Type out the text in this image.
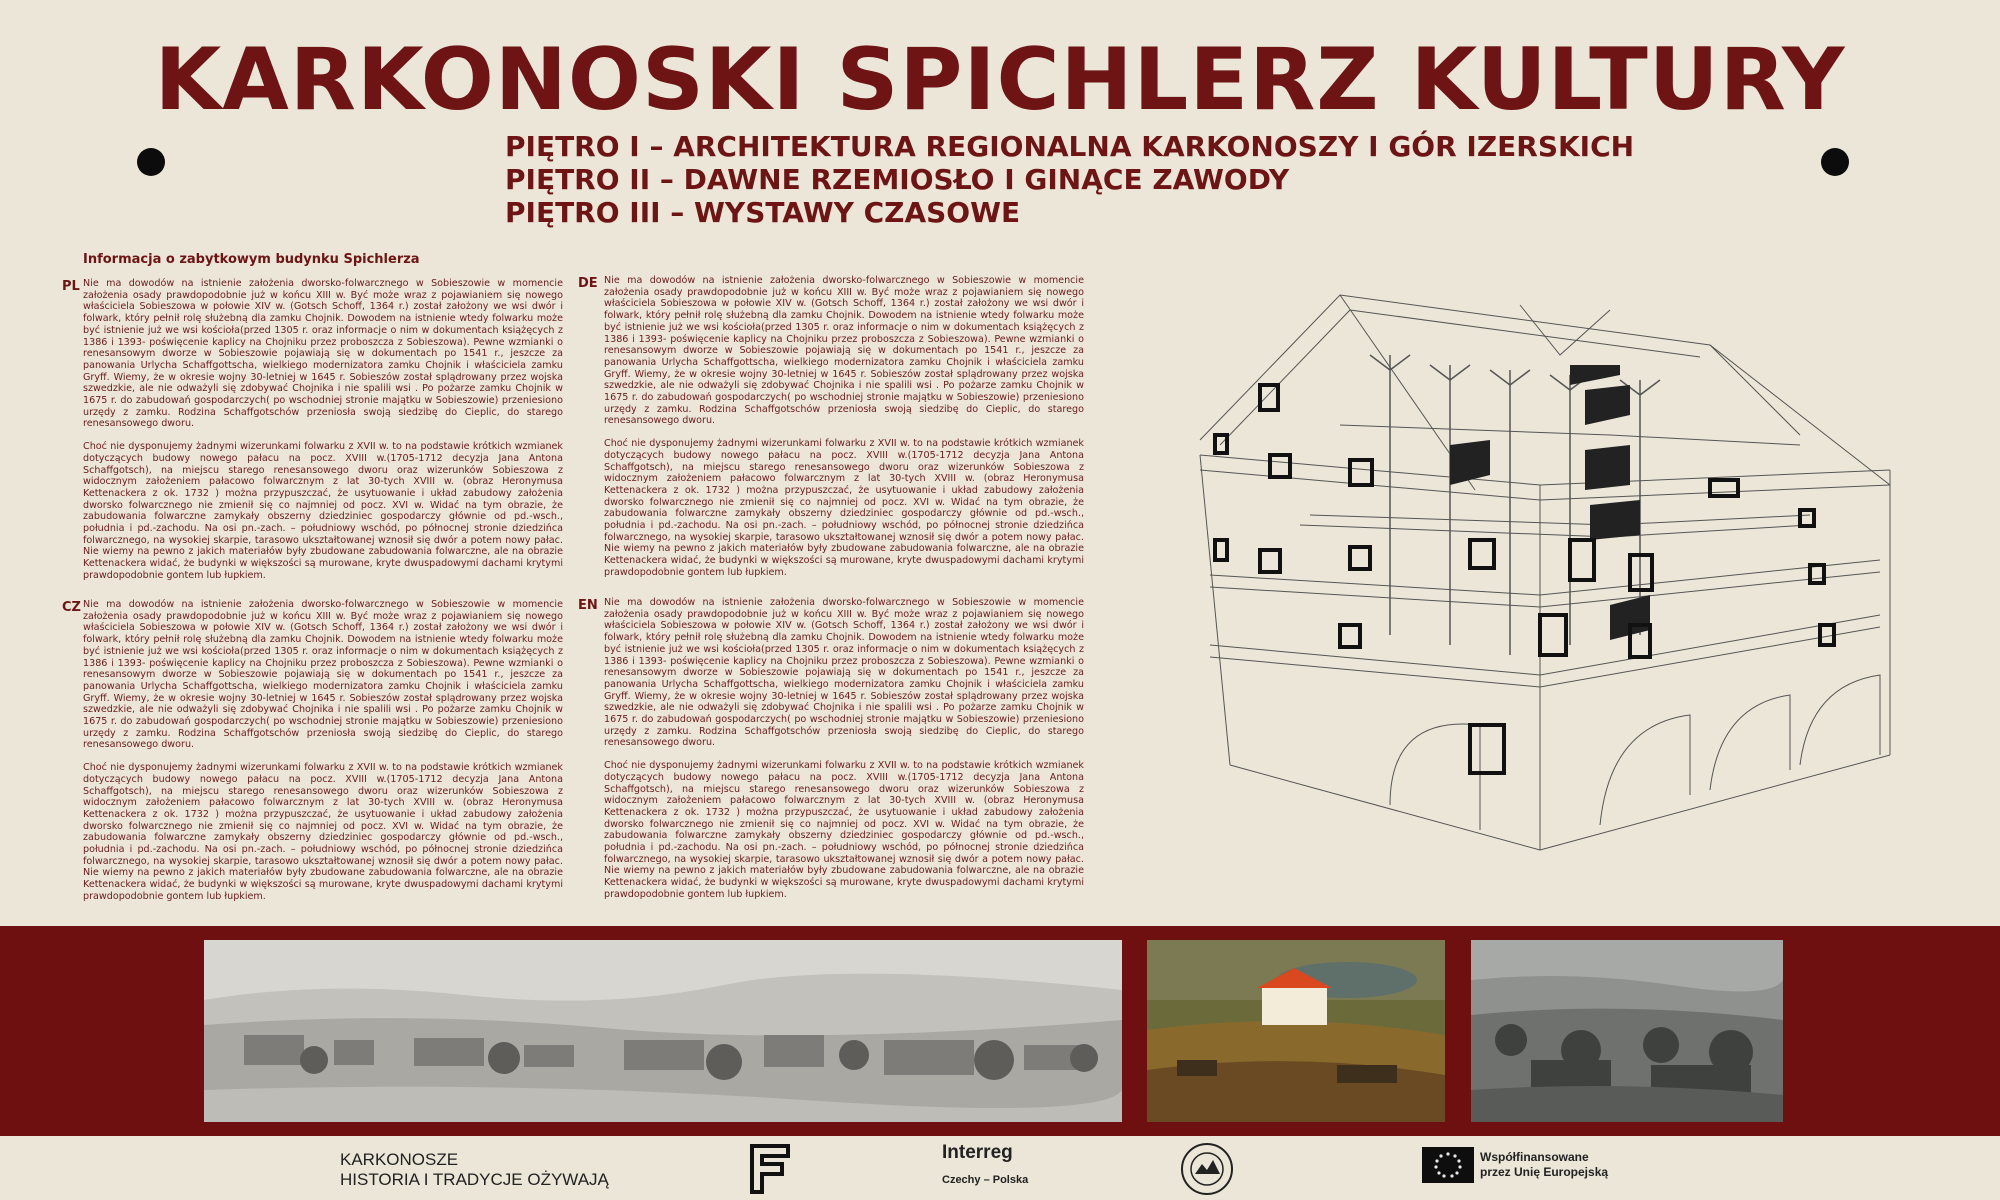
KARKONOSKI SPICHLERZ KULTURY
PIĘTRO I – ARCHITEKTURA REGIONALNA KARKONOSZY I GÓR IZERSKICH
PIĘTRO II – DAWNE RZEMIOSŁO I GINĄCE ZAWODY
PIĘTRO III – WYSTAWY CZASOWE
Informacja o zabytkowym budynku Spichlerza
PL Nie ma dowodów na istnienie założenia dworsko-folwarcznego w Sobieszowie w momencie założenia osady prawdopodobnie już w końcu XIII w. Być może wraz z pojawianiem się nowego właściciela Sobieszowa w połowie XIV w. (Gotsch Schoff, 1364 r.) został założony we wsi dwór i folwark, który pełnił rolę służebną dla zamku Chojnik. Dowodem na istnienie wtedy folwarku może być istnienie już we wsi kościoła(przed 1305 r. oraz informacje o nim w dokumentach książęcych z 1386 i 1393- poświęcenie kaplicy na Chojniku przez proboszcza z Sobieszowa). Pewne wzmianki o renesansowym dworze w Sobieszowie pojawiają się w dokumentach po 1541 r., jeszcze za panowania Urlycha Schaffgottscha, wielkiego modernizatora zamku Chojnik i właściciela zamku Gryff. Wiemy, że w okresie wojny 30-letniej w 1645 r. Sobieszów został splądrowany przez wojska szwedzkie, ale nie odważyli się zdobywać Chojnika i nie spalili wsi . Po pożarze zamku Chojnik w 1675 r. do zabudowań gospodarczych( po wschodniej stronie majątku w Sobieszowie) przeniesiono urzędy z zamku. Rodzina Schaffgotschów przeniosła swoją siedzibę do Cieplic, do starego renesansowego dworu.

Choć nie dysponujemy żadnymi wizerunkami folwarku z XVII w. to na podstawie krótkich wzmianek dotyczących budowy nowego pałacu na pocz. XVIII w.(1705-1712 decyzja Jana Antona Schaffgotsch), na miejscu starego renesansowego dworu oraz wizerunków Sobieszowa z widocznym założeniem pałacowo folwarcznym z lat 30-tych XVIII w. (obraz Heronymusa Kettenackera z ok. 1732 ) można przypuszczać, że usytuowanie i układ zabudowy założenia dworsko folwarcznego nie zmienił się co najmniej od pocz. XVI w. Widać na tym obrazie, że zabudowania folwarczne zamykały obszerny dziedziniec gospodarczy głównie od pd.-wsch., południa i pd.-zachodu. Na osi pn.-zach. – południowy wschód, po północnej stronie dziedzińca folwarcznego, na wysokiej skarpie, tarasowo ukształtowanej wznosił się dwór a potem nowy pałac. Nie wiemy na pewno z jakich materiałów były zbudowane zabudowania folwarczne, ale na obrazie Kettenackera widać, że budynki w większości są murowane, kryte dwuspadowymi dachami krytymi prawdopodobnie gontem lub łupkiem.

DE Nie ma dowodów na istnienie założenia dworsko-folwarcznego w Sobieszowie w momencie założenia osady prawdopodobnie już w końcu XIII w. Być może wraz z pojawianiem się nowego właściciela Sobieszowa w połowie XIV w. (Gotsch Schoff, 1364 r.) został założony we wsi dwór i folwark, który pełnił rolę służebną dla zamku Chojnik. Dowodem na istnienie wtedy folwarku może być istnienie już we wsi kościoła(przed 1305 r. oraz informacje o nim w dokumentach książęcych z 1386 i 1393- poświęcenie kaplicy na Chojniku przez proboszcza z Sobieszowa). Pewne wzmianki o renesansowym dworze w Sobieszowie pojawiają się w dokumentach po 1541 r., jeszcze za panowania Urlycha Schaffgottscha, wielkiego modernizatora zamku Chojnik i właściciela zamku Gryff. Wiemy, że w okresie wojny 30-letniej w 1645 r. Sobieszów został splądrowany przez wojska szwedzkie, ale nie odważyli się zdobywać Chojnika i nie spalili wsi . Po pożarze zamku Chojnik w 1675 r. do zabudowań gospodarczych( po wschodniej stronie majątku w Sobieszowie) przeniesiono urzędy z zamku. Rodzina Schaffgotschów przeniosła swoją siedzibę do Cieplic, do starego renesansowego dworu.

Choć nie dysponujemy żadnymi wizerunkami folwarku z XVII w. to na podstawie krótkich wzmianek dotyczących budowy nowego pałacu na pocz. XVIII w.(1705-1712 decyzja Jana Antona Schaffgotsch), na miejscu starego renesansowego dworu oraz wizerunków Sobieszowa z widocznym założeniem pałacowo folwarcznym z lat 30-tych XVIII w. (obraz Heronymusa Kettenackera z ok. 1732 ) można przypuszczać, że usytuowanie i układ zabudowy założenia dworsko folwarcznego nie zmienił się co najmniej od pocz. XVI w. Widać na tym obrazie, że zabudowania folwarczne zamykały obszerny dziedziniec gospodarczy głównie od pd.-wsch., południa i pd.-zachodu. Na osi pn.-zach. – południowy wschód, po północnej stronie dziedzińca folwarcznego, na wysokiej skarpie, tarasowo ukształtowanej wznosił się dwór a potem nowy pałac. Nie wiemy na pewno z jakich materiałów były zbudowane zabudowania folwarczne, ale na obrazie Kettenackera widać, że budynki w większości są murowane, kryte dwuspadowymi dachami krytymi prawdopodobnie gontem lub łupkiem.

CZ Nie ma dowodów na istnienie założenia dworsko-folwarcznego w Sobieszowie w momencie założenia osady prawdopodobnie już w końcu XIII w. Być może wraz z pojawianiem się nowego właściciela Sobieszowa w połowie XIV w. (Gotsch Schoff, 1364 r.) został założony we wsi dwór i folwark, który pełnił rolę służebną dla zamku Chojnik. Dowodem na istnienie wtedy folwarku może być istnienie już we wsi kościoła(przed 1305 r. oraz informacje o nim w dokumentach książęcych z 1386 i 1393- poświęcenie kaplicy na Chojniku przez proboszcza z Sobieszowa). Pewne wzmianki o renesansowym dworze w Sobieszowie pojawiają się w dokumentach po 1541 r., jeszcze za panowania Urlycha Schaffgottscha, wielkiego modernizatora zamku Chojnik i właściciela zamku Gryff. Wiemy, że w okresie wojny 30-letniej w 1645 r. Sobieszów został splądrowany przez wojska szwedzkie, ale nie odważyli się zdobywać Chojnika i nie spalili wsi . Po pożarze zamku Chojnik w 1675 r. do zabudowań gospodarczych( po wschodniej stronie majątku w Sobieszowie) przeniesiono urzędy z zamku. Rodzina Schaffgotschów przeniosła swoją siedzibę do Cieplic, do starego renesansowego dworu.

Choć nie dysponujemy żadnymi wizerunkami folwarku z XVII w. to na podstawie krótkich wzmianek dotyczących budowy nowego pałacu na pocz. XVIII w.(1705-1712 decyzja Jana Antona Schaffgotsch), na miejscu starego renesansowego dworu oraz wizerunków Sobieszowa z widocznym założeniem pałacowo folwarcznym z lat 30-tych XVIII w. (obraz Heronymusa Kettenackera z ok. 1732 ) można przypuszczać, że usytuowanie i układ zabudowy założenia dworsko folwarcznego nie zmienił się co najmniej od pocz. XVI w. Widać na tym obrazie, że zabudowania folwarczne zamykały obszerny dziedziniec gospodarczy głównie od pd.-wsch., południa i pd.-zachodu. Na osi pn.-zach. – południowy wschód, po północnej stronie dziedzińca folwarcznego, na wysokiej skarpie, tarasowo ukształtowanej wznosił się dwór a potem nowy pałac. Nie wiemy na pewno z jakich materiałów były zbudowane zabudowania folwarczne, ale na obrazie Kettenackera widać, że budynki w większości są murowane, kryte dwuspadowymi dachami krytymi prawdopodobnie gontem lub łupkiem.

EN Nie ma dowodów na istnienie założenia dworsko-folwarcznego w Sobieszowie w momencie założenia osady prawdopodobnie już w końcu XIII w. Być może wraz z pojawianiem się nowego właściciela Sobieszowa w połowie XIV w. (Gotsch Schoff, 1364 r.) został założony we wsi dwór i folwark, który pełnił rolę służebną dla zamku Chojnik. Dowodem na istnienie wtedy folwarku może być istnienie już we wsi kościoła(przed 1305 r. oraz informacje o nim w dokumentach książęcych z 1386 i 1393- poświęcenie kaplicy na Chojniku przez proboszcza z Sobieszowa). Pewne wzmianki o renesansowym dworze w Sobieszowie pojawiają się w dokumentach po 1541 r., jeszcze za panowania Urlycha Schaffgottscha, wielkiego modernizatora zamku Chojnik i właściciela zamku Gryff. Wiemy, że w okresie wojny 30-letniej w 1645 r. Sobieszów został splądrowany przez wojska szwedzkie, ale nie odważyli się zdobywać Chojnika i nie spalili wsi . Po pożarze zamku Chojnik w 1675 r. do zabudowań gospodarczych( po wschodniej stronie majątku w Sobieszowie) przeniesiono urzędy z zamku. Rodzina Schaffgotschów przeniosła swoją siedzibę do Cieplic, do starego renesansowego dworu.

Choć nie dysponujemy żadnymi wizerunkami folwarku z XVII w. to na podstawie krótkich wzmianek dotyczących budowy nowego pałacu na pocz. XVIII w.(1705-1712 decyzja Jana Antona Schaffgotsch), na miejscu starego renesansowego dworu oraz wizerunków Sobieszowa z widocznym założeniem pałacowo folwarcznym z lat 30-tych XVIII w. (obraz Heronymusa Kettenackera z ok. 1732 ) można przypuszczać, że usytuowanie i układ zabudowy założenia dworsko folwarcznego nie zmienił się co najmniej od pocz. XVI w. Widać na tym obrazie, że zabudowania folwarczne zamykały obszerny dziedziniec gospodarczy głównie od pd.-wsch., południa i pd.-zachodu. Na osi pn.-zach. – południowy wschód, po północnej stronie dziedzińca folwarcznego, na wysokiej skarpie, tarasowo ukształtowanej wznosił się dwór a potem nowy pałac. Nie wiemy na pewno z jakich materiałów były zbudowane zabudowania folwarczne, ale na obrazie Kettenackera widać, że budynki w większości są murowane, kryte dwuspadowymi dachami krytymi prawdopodobnie gontem lub łupkiem.

KARKONOSZE
HISTORIA I TRADYCJE OŻYWAJĄ
Interreg
Czechy – Polska
Współfinansowane
przez Unię Europejską
